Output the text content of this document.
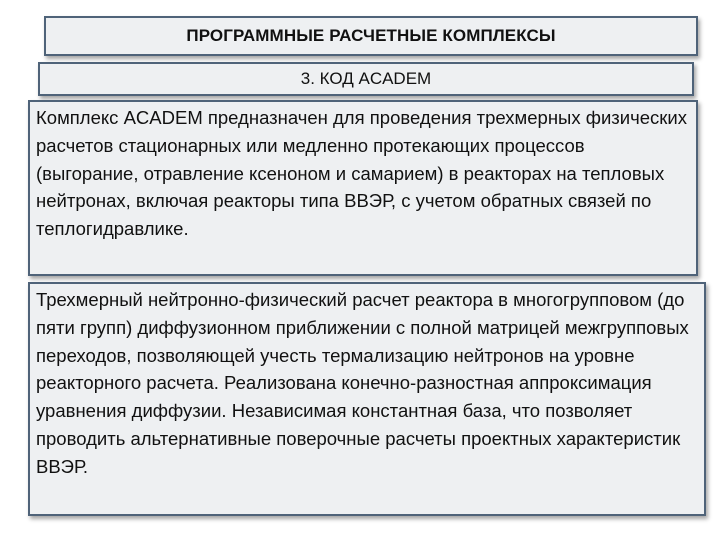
ПРОГРАММНЫЕ РАСЧЕТНЫЕ КОМПЛЕКСЫ
3. КОД ACADEM
Комплекс ACADEM предназначен для проведения трехмерных физических расчетов стационарных или медленно протекающих процессов (выгорание, отравление ксеноном и самарием) в реакторах на тепловых нейтронах, включая реакторы типа ВВЭР, с учетом обратных связей по теплогидравлике.
Трехмерный нейтронно-физический расчет реактора в многогрупповом (до пяти групп) диффузионном приближении с полной матрицей межгрупповых переходов, позволяющей учесть термализацию нейтронов на уровне реакторного расчета. Реализована конечно-разностная аппроксимация уравнения диффузии. Независимая константная база, что позволяет проводить альтернативные поверочные расчеты проектных характеристик ВВЭР.
